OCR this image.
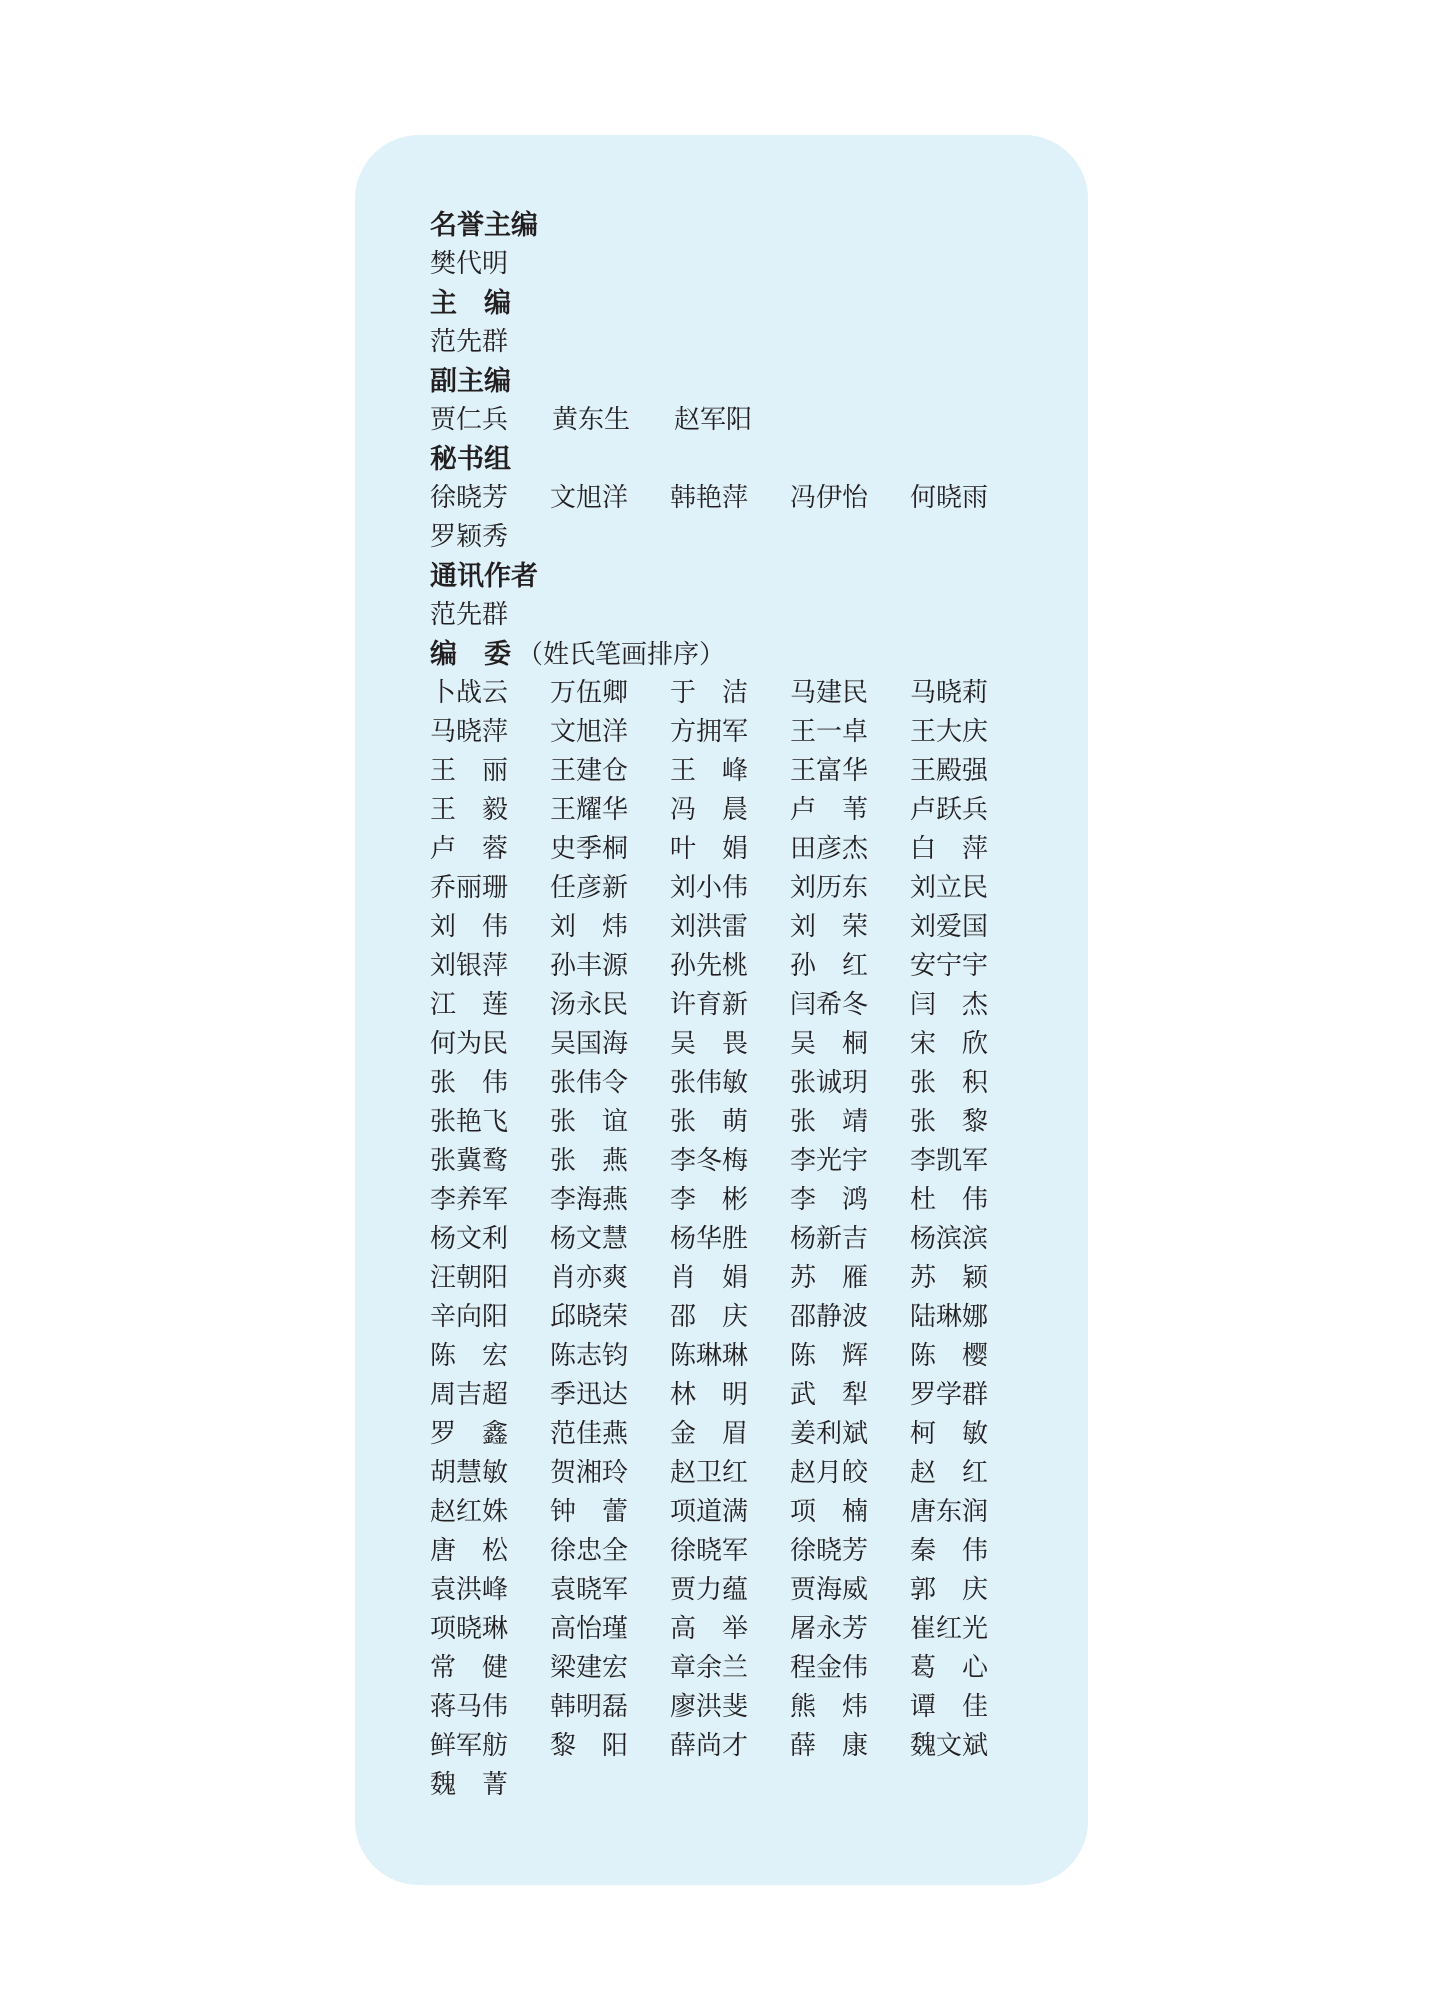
名誉主编
樊代明
主　编
范先群
副主编
贾仁兵	黄东生	赵军阳
秘书组
徐晓芳	文旭洋	韩艳萍	冯伊怡	何晓雨
罗颖秀
通讯作者
范先群
编　委 （姓氏笔画排序）
卜战云	万伍卿	于　洁	马建民	马晓莉
马晓萍	文旭洋	方拥军	王一卓	王大庆
王　丽	王建仓	王　峰	王富华	王殿强
王　毅	王耀华	冯　晨	卢　苇	卢跃兵
卢　蓉	史季桐	叶　娟	田彦杰	白　萍
乔丽珊	任彦新	刘小伟	刘历东	刘立民
刘　伟	刘　炜	刘洪雷	刘　荣	刘爱国
刘银萍	孙丰源	孙先桃	孙　红	安宁宇
江　莲	汤永民	许育新	闫希冬	闫　杰
何为民	吴国海	吴　畏	吴　桐	宋　欣
张　伟	张伟令	张伟敏	张诚玥	张　积
张艳飞	张　谊	张　萌	张　靖	张　黎
张冀鹜	张　燕	李冬梅	李光宇	李凯军
李养军	李海燕	李　彬	李　鸿	杜　伟
杨文利	杨文慧	杨华胜	杨新吉	杨滨滨
汪朝阳	肖亦爽	肖　娟	苏　雁	苏　颖
辛向阳	邱晓荣	邵　庆	邵静波	陆琳娜
陈　宏	陈志钧	陈琳琳	陈　辉	陈　樱
周吉超	季迅达	林　明	武　犁	罗学群
罗　鑫	范佳燕	金　眉	姜利斌	柯　敏
胡慧敏	贺湘玲	赵卫红	赵月皎	赵　红
赵红姝	钟　蕾	项道满	项　楠	唐东润
唐　松	徐忠全	徐晓军	徐晓芳	秦　伟
袁洪峰	袁晓军	贾力蕴	贾海威	郭　庆
项晓琳	高怡瑾	高　举	屠永芳	崔红光
常　健	梁建宏	章余兰	程金伟	葛　心
蒋马伟	韩明磊	廖洪斐	熊　炜	谭　佳
鲜军舫	黎　阳	薛尚才	薛　康	魏文斌
魏　菁
